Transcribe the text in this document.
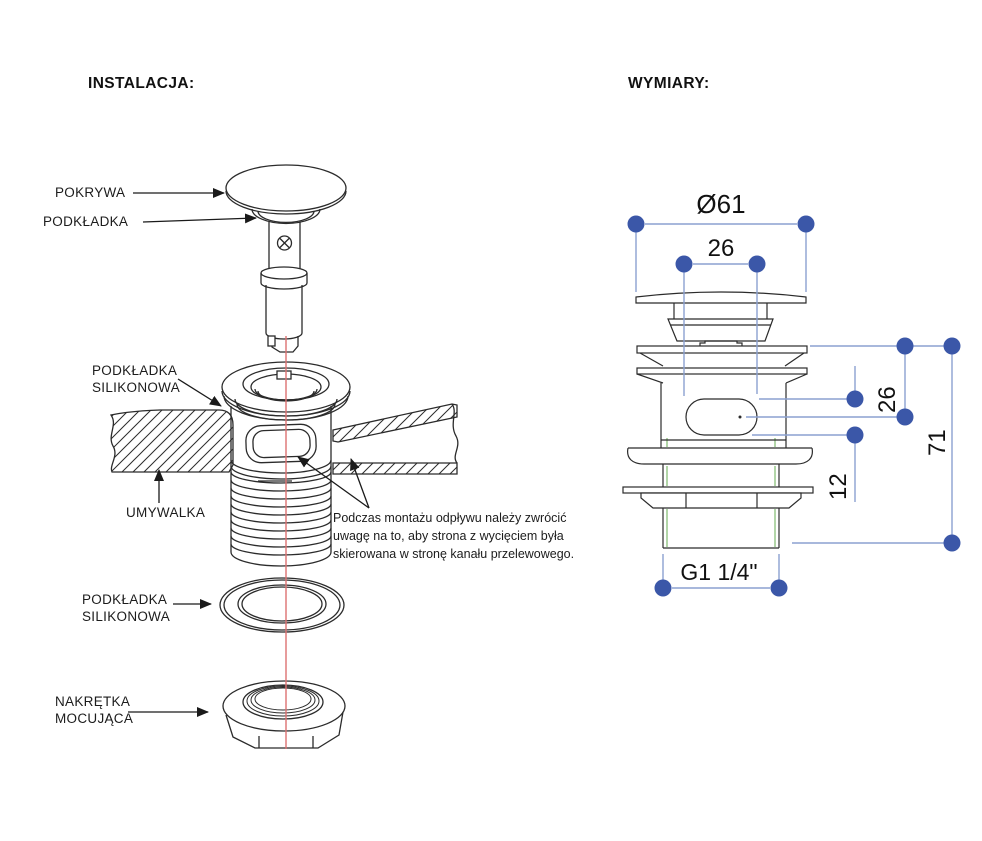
INSTALACJA:
POKRYWA
PODKŁADKA
PODKŁADKA
SILIKONOWA
UMYWALKA
PODKŁADKA
SILIKONOWA
NAKRĘTKA
MOCUJĄCA
Podczas montażu odpływu należy zwrócić
uwagę na to, aby strona z wycięciem była
skierowana w stronę kanału przelewowego.
WYMIARY:
Ø61
26
26
12
71
G1 1/4"
